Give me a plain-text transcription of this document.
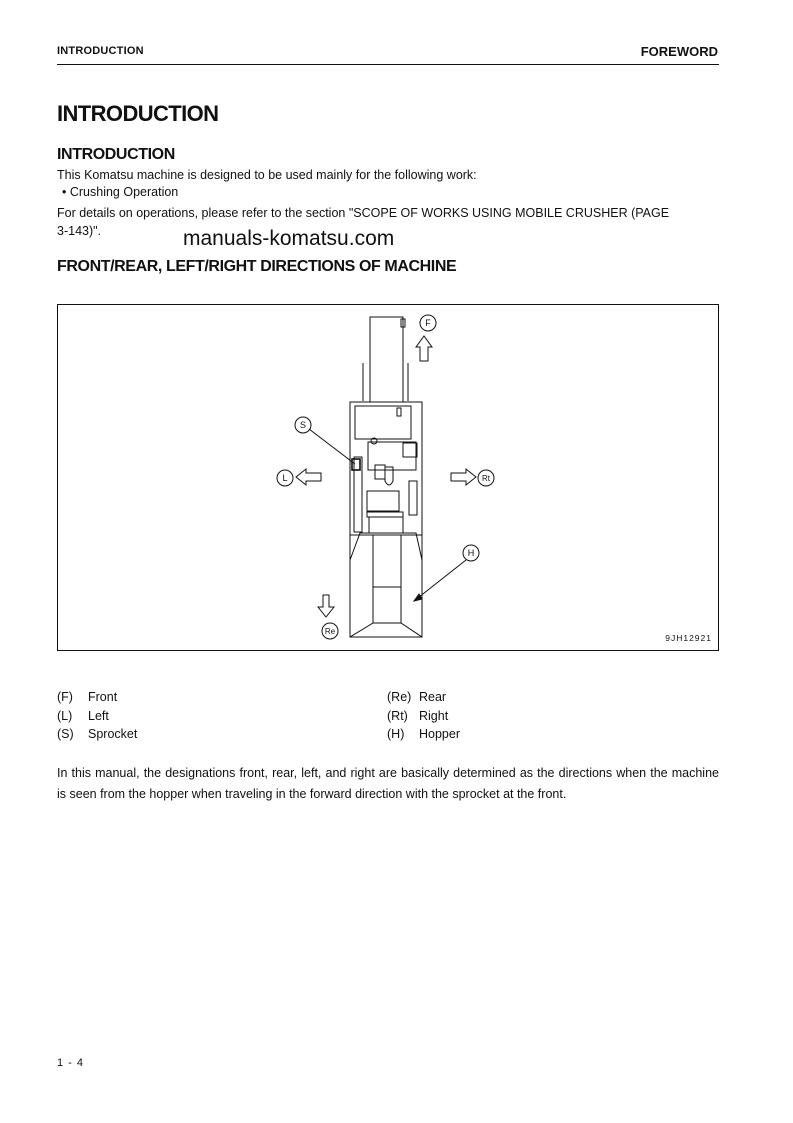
INTRODUCTION	FOREWORD
INTRODUCTION
INTRODUCTION

This Komatsu machine is designed to be used mainly for the following work:

• Crushing Operation

For details on operations, please refer to the section "SCOPE OF WORKS USING MOBILE CRUSHER (PAGE

3-143)".	manuals-komatsu.com
FRONT/REAR, LEFT/RIGHT DIRECTIONS OF MACHINE
F
S
L	Rt
H
Re
9JH12921
(F)	Front
(L)	Left
(S)	Sprocket
(Re) Rear
(Rt) Right
(H)	Hopper

In this manual, the designations front, rear, left, and right are basically determined as the directions when the machine is seen from the hopper when traveling in the forward direction with the sprocket at the front.

1 - 4
